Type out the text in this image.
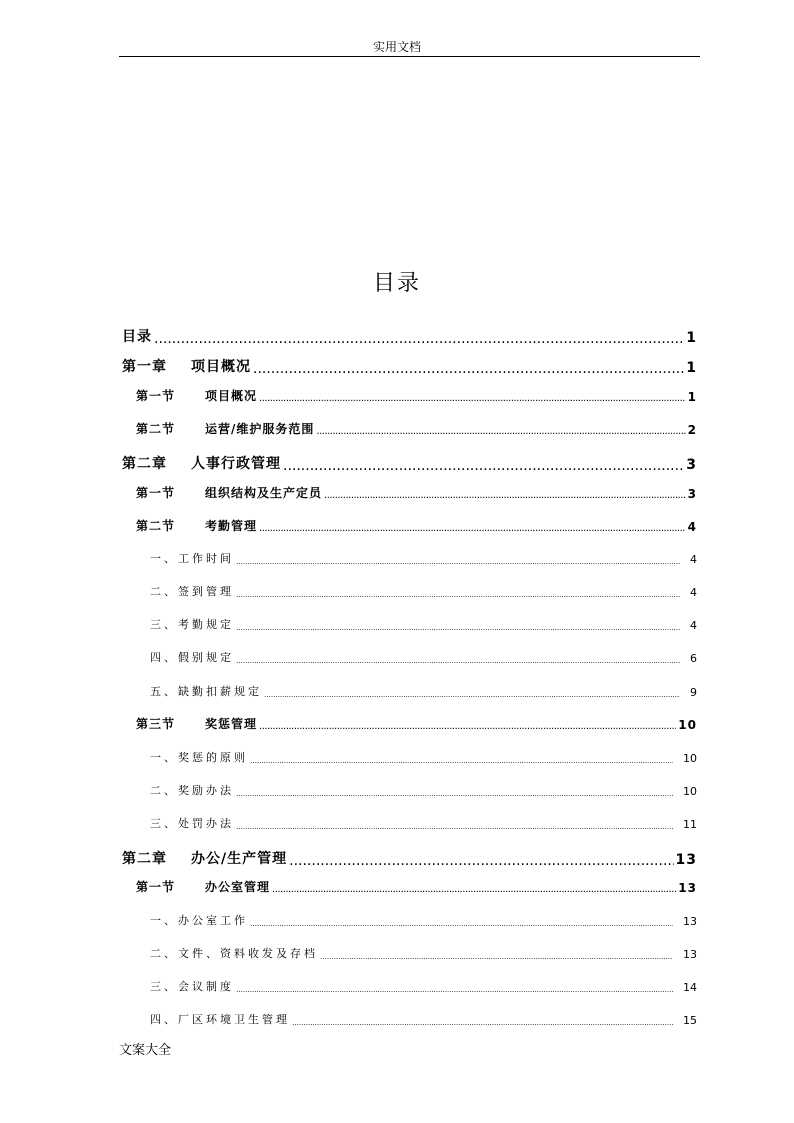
实用文档
目录
目录 .....	1
第一章 项目概况 .....	1
第一节	项目概况 .....	1
第二节	运营/维护服务范围 .....	2
第二章 人事行政管理 .....	3
第一节	组织结构及生产定员 .....	3
第二节	考勤管理 .....	4
一、工作时间 .....	4
二、签到管理 .....	4
三、考勤规定 .....	4
四、假别规定 .....	6
五、缺勤扣薪规定 .....	9
第三节	奖惩管理 .....	10
一、奖惩的原则 .....	10
二、奖励办法 .....	10
三、处罚办法 .....	11
第二章 办公/生产管理 .....	13
第一节	办公室管理 .....	13
一、办公室工作 .....	13
二、文件、资料收发及存档 .....	13
三、会议制度 .....	14
四、厂区环境卫生管理 .....	15
文案大全
